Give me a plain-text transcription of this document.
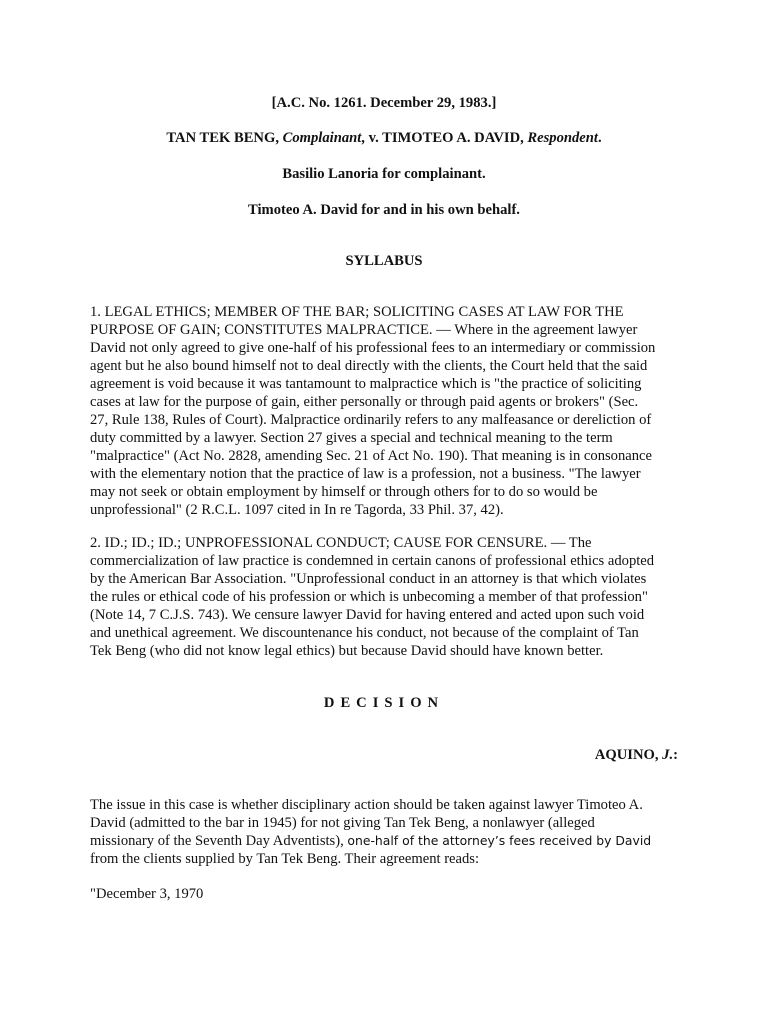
[A.C. No. 1261. December 29, 1983.]
TAN TEK BENG, Complainant, v. TIMOTEO A. DAVID, Respondent.
Basilio Lanoria for complainant.
Timoteo A. David for and in his own behalf.
SYLLABUS
1. LEGAL ETHICS; MEMBER OF THE BAR; SOLICITING CASES AT LAW FOR THE
PURPOSE OF GAIN; CONSTITUTES MALPRACTICE. — Where in the agreement lawyer
David not only agreed to give one-half of his professional fees to an intermediary or commission
agent but he also bound himself not to deal directly with the clients, the Court held that the said
agreement is void because it was tantamount to malpractice which is "the practice of soliciting
cases at law for the purpose of gain, either personally or through paid agents or brokers" (Sec.
27, Rule 138, Rules of Court). Malpractice ordinarily refers to any malfeasance or dereliction of
duty committed by a lawyer. Section 27 gives a special and technical meaning to the term
"malpractice" (Act No. 2828, amending Sec. 21 of Act No. 190). That meaning is in consonance
with the elementary notion that the practice of law is a profession, not a business. "The lawyer
may not seek or obtain employment by himself or through others for to do so would be
unprofessional" (2 R.C.L. 1097 cited in In re Tagorda, 33 Phil. 37, 42).
2. ID.; ID.; ID.; UNPROFESSIONAL CONDUCT; CAUSE FOR CENSURE. — The
commercialization of law practice is condemned in certain canons of professional ethics adopted
by the American Bar Association. "Unprofessional conduct in an attorney is that which violates
the rules or ethical code of his profession or which is unbecoming a member of that profession"
(Note 14, 7 C.J.S. 743). We censure lawyer David for having entered and acted upon such void
and unethical agreement. We discountenance his conduct, not because of the complaint of Tan
Tek Beng (who did not know legal ethics) but because David should have known better.
DECISION
AQUINO, J.:
The issue in this case is whether disciplinary action should be taken against lawyer Timoteo A.
David (admitted to the bar in 1945) for not giving Tan Tek Beng, a nonlawyer (alleged
missionary of the Seventh Day Adventists), one-half of the attorney’s fees received by David
from the clients supplied by Tan Tek Beng. Their agreement reads:
"December 3, 1970
